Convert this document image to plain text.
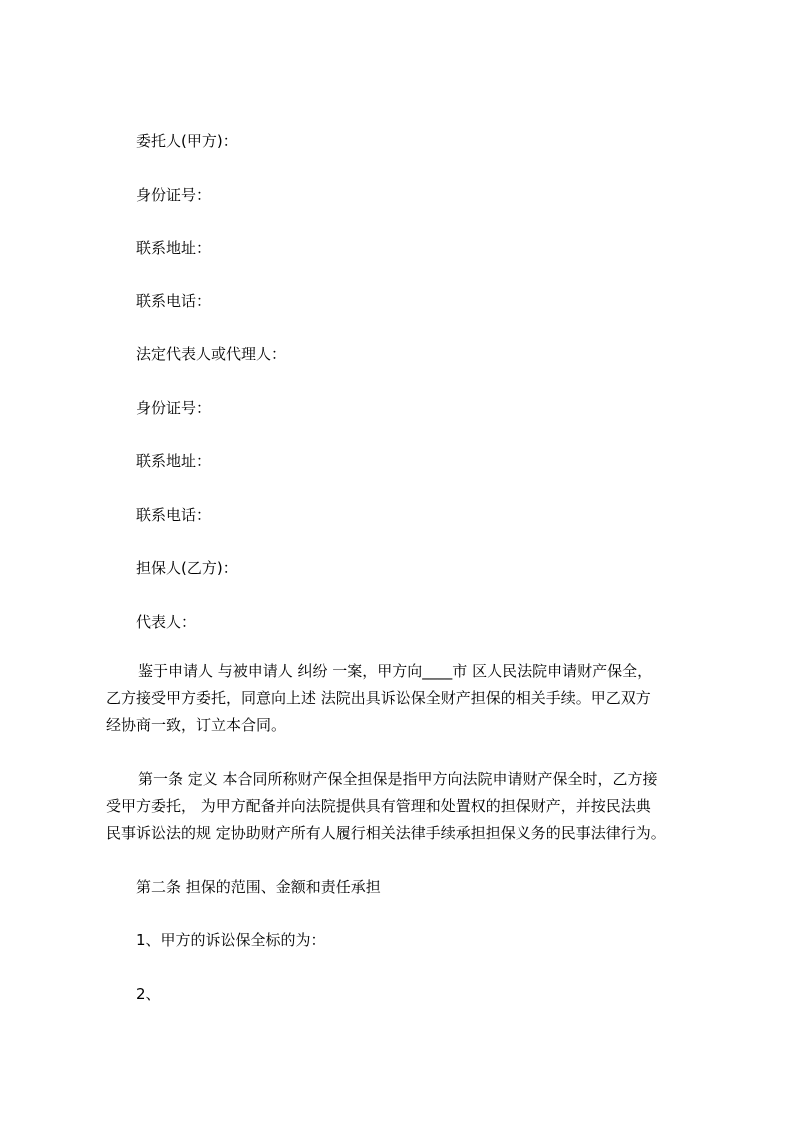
委托人(甲方)：
身份证号：
联系地址：
联系电话：
法定代表人或代理人：
身份证号：
联系地址：
联系电话：
担保人(乙方)：
代表人：
鉴于申请人 与被申请人 纠纷 一案，甲方向____市 区人民法院申请财产保全，
乙方接受甲方委托，同意向上述 法院出具诉讼保全财产担保的相关手续。甲乙双方
经协商一致，订立本合同。
第一条 定义 本合同所称财产保全担保是指甲方向法院申请财产保全时，乙方接
受甲方委托， 为甲方配备并向法院提供具有管理和处置权的担保财产，并按民法典
民事诉讼法的规 定协助财产所有人履行相关法律手续承担担保义务的民事法律行为。
第二条 担保的范围、金额和责任承担
1、甲方的诉讼保全标的为：
2、
